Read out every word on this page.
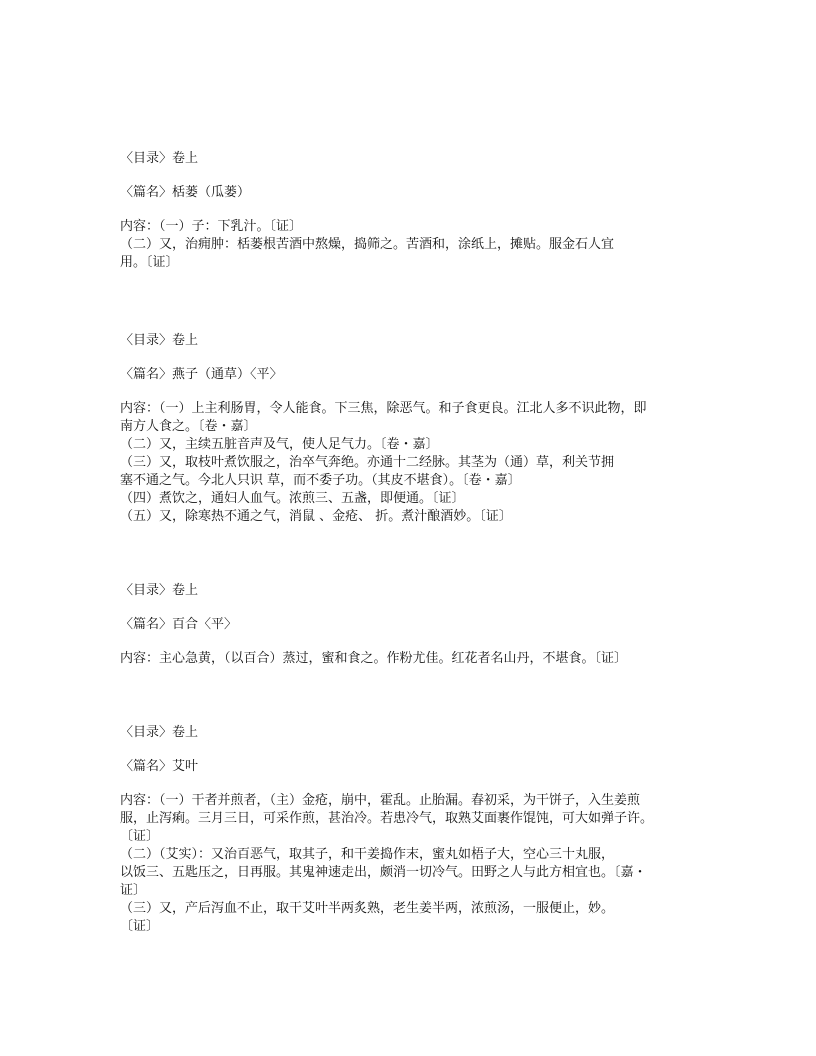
〈目录〉卷上
〈篇名〉栝蒌（瓜蒌）
内容：（一）子：下乳汁。〔证〕
（二）又，治痈肿：栝蒌根苦酒中熬燥，捣筛之。苦酒和，涂纸上，摊贴。服金石人宜
用。〔证〕
〈目录〉卷上
〈篇名〉燕子（通草）〈平〉
内容：（一）上主利肠胃，令人能食。下三焦，除恶气。和子食更良。江北人多不识此物，即
南方人食之。〔卷・嘉〕
（二）又，主续五脏音声及气，使人足气力。〔卷・嘉〕
（三）又，取枝叶煮饮服之，治卒气奔绝。亦通十二经脉。其茎为（通）草，利关节拥
塞不通之气。今北人只识 草，而不委子功。（其皮不堪食）。〔卷・嘉〕
（四）煮饮之，通妇人血气。浓煎三、五盏，即便通。〔证〕
（五）又，除寒热不通之气，消鼠 、金疮、 折。煮汁酿酒妙。〔证〕
〈目录〉卷上
〈篇名〉百合〈平〉
内容：主心急黄，（以百合）蒸过，蜜和食之。作粉尤佳。红花者名山丹，不堪食。〔证〕
〈目录〉卷上
〈篇名〉艾叶
内容：（一）干者并煎者，（主）金疮，崩中，霍乱。止胎漏。春初采，为干饼子，入生姜煎
服，止泻痢。三月三日，可采作煎，甚治冷。若患冷气，取熟艾面裹作馄饨，可大如弹子许。
〔证〕
（二）（艾实）：又治百恶气，取其子，和干姜捣作末，蜜丸如梧子大，空心三十丸服，
以饭三、五匙压之，日再服。其鬼神速走出，颇消一切冷气。田野之人与此方相宜也。〔嘉・
证〕
（三）又，产后泻血不止，取干艾叶半两炙熟，老生姜半两，浓煎汤，一服便止，妙。
〔证〕
